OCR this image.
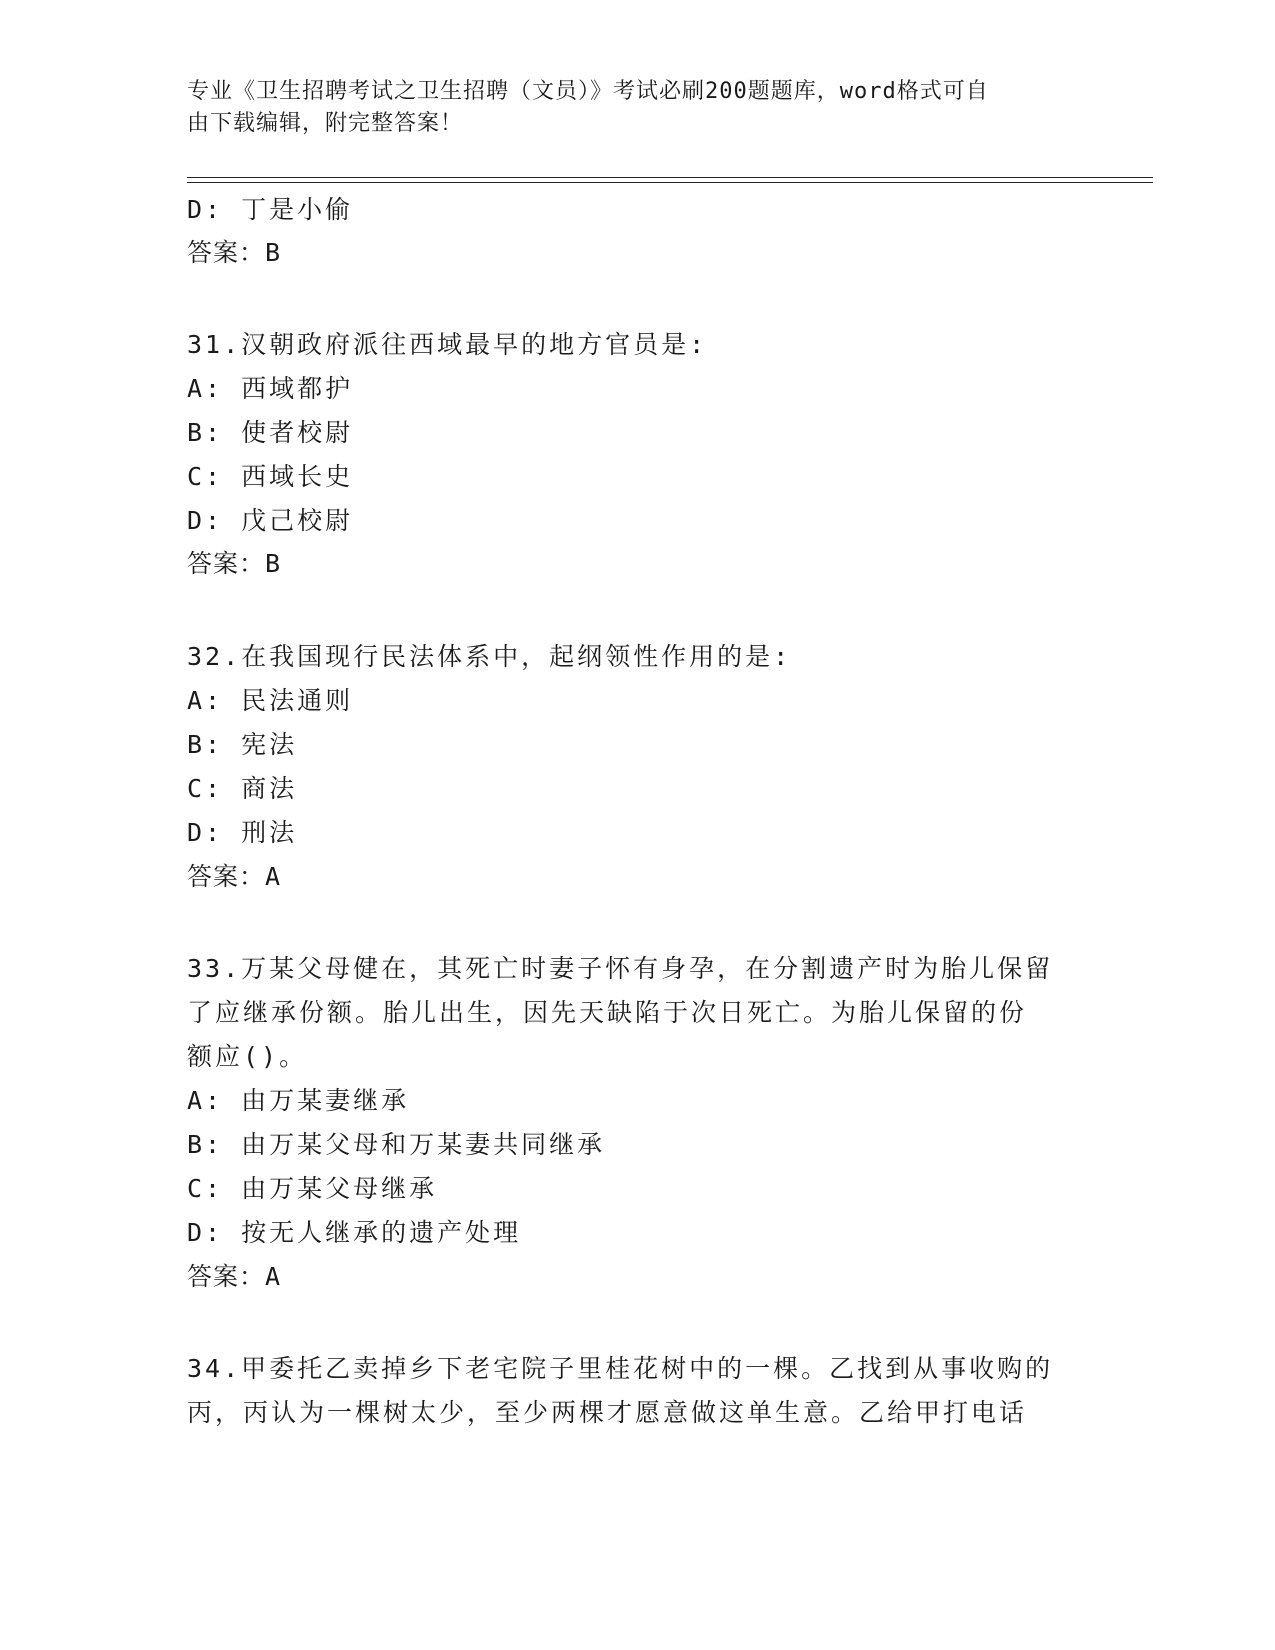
专业《卫生招聘考试之卫生招聘（文员）》考试必刷200题题库，word格式可自
由下载编辑，附完整答案！
D: 丁是小偷
答案：B
31.汉朝政府派往西域最早的地方官员是:
A: 西域都护
B: 使者校尉
C: 西域长史
D: 戊己校尉
答案：B
32.在我国现行民法体系中，起纲领性作用的是:
A: 民法通则
B: 宪法
C: 商法
D: 刑法
答案：A
33.万某父母健在，其死亡时妻子怀有身孕，在分割遗产时为胎儿保留
了应继承份额。胎儿出生，因先天缺陷于次日死亡。为胎儿保留的份
额应()。
A: 由万某妻继承
B: 由万某父母和万某妻共同继承
C: 由万某父母继承
D: 按无人继承的遗产处理
答案：A
34.甲委托乙卖掉乡下老宅院子里桂花树中的一棵。乙找到从事收购的
丙，丙认为一棵树太少，至少两棵才愿意做这单生意。乙给甲打电话
